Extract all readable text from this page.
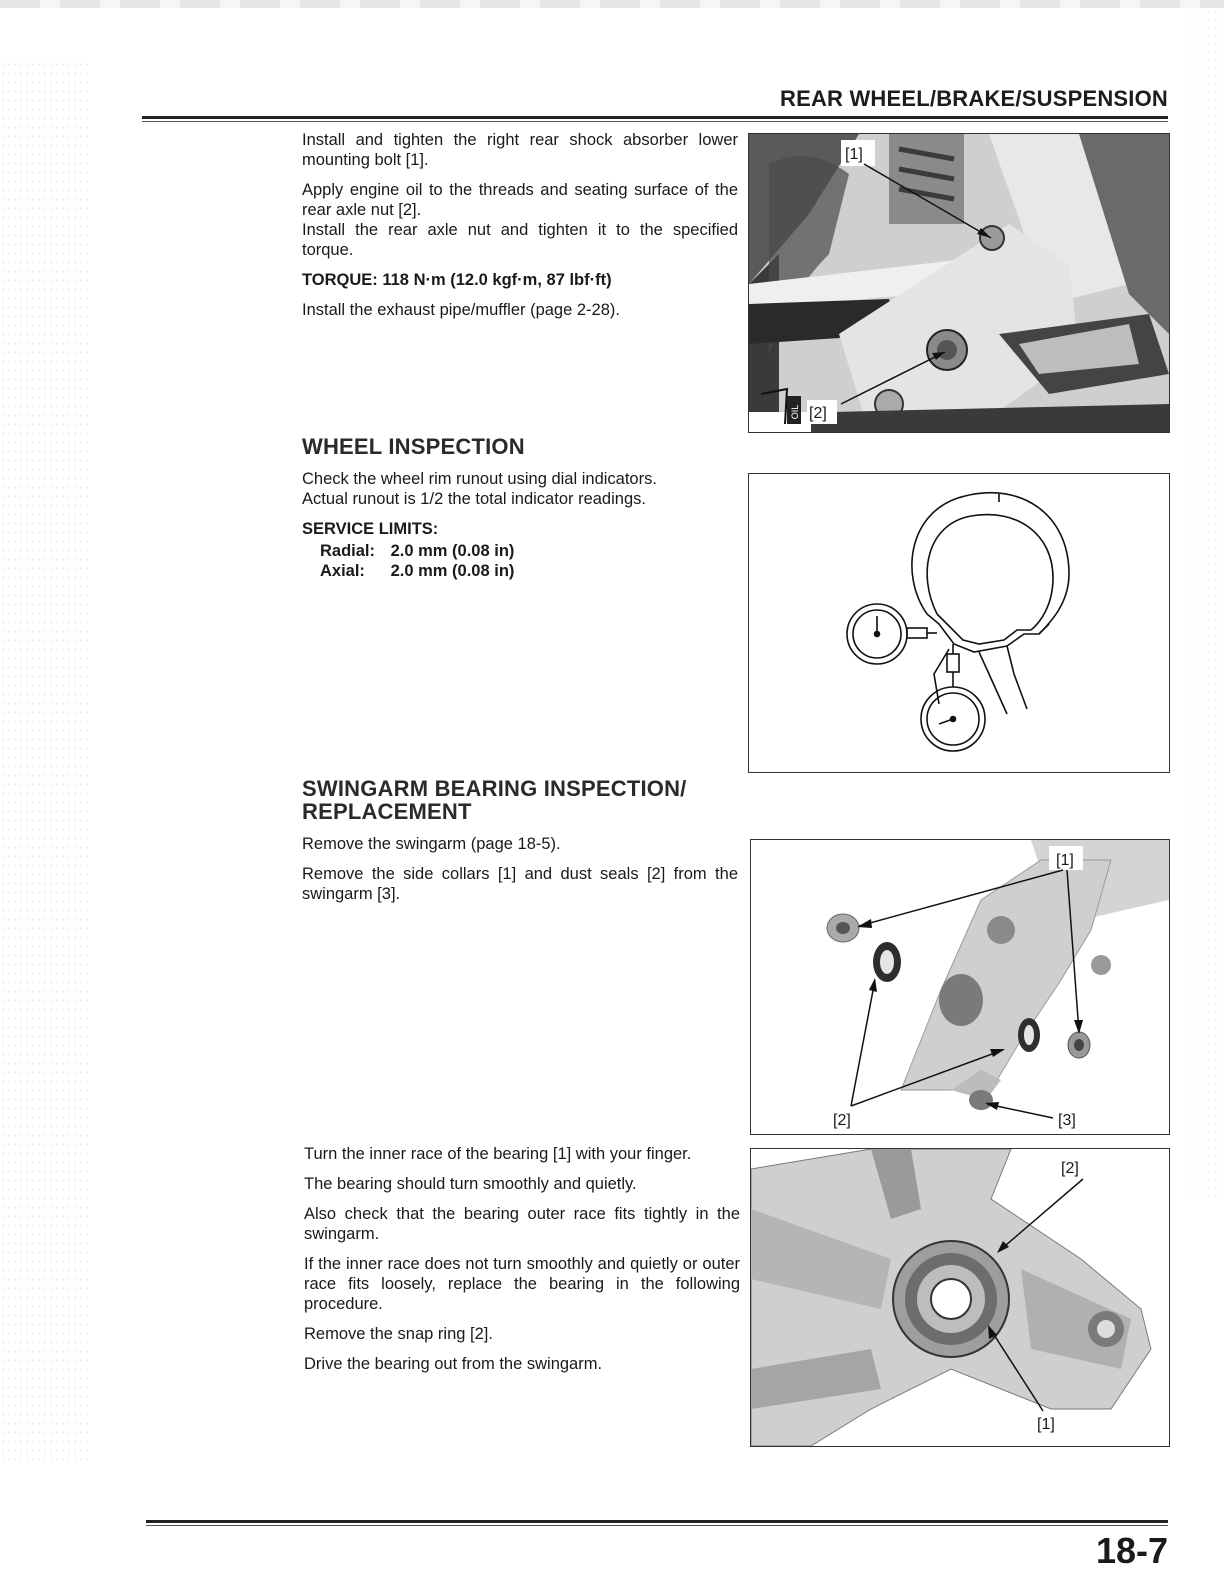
REAR WHEEL/BRAKE/SUSPENSION

Install and tighten the right rear shock absorber lower mounting bolt [1].

Apply engine oil to the threads and seating surface of the rear axle nut [2].

Install the rear axle nut and tighten it to the specified torque.

TORQUE: 118 N·m (12.0 kgf·m, 87 lbf·ft)

Install the exhaust pipe/muffler (page 2-28).

OIL
[1]
[2]
WHEEL INSPECTION

Check the wheel rim runout using dial indicators.

Actual runout is 1/2 the total indicator readings.

SERVICE LIMITS:
Radial: 2.0 mm (0.08 in)
Axial: 2.0 mm (0.08 in)
SWINGARM BEARING INSPECTION/
REPLACEMENT

Remove the swingarm (page 18-5).

Remove the side collars [1] and dust seals [2] from the swingarm [3].

[1]
[2]	[3]

Turn the inner race of the bearing [1] with your finger.

The bearing should turn smoothly and quietly.

Also check that the bearing outer race fits tightly in the swingarm.

If the inner race does not turn smoothly and quietly or outer race fits loosely, replace the bearing in the following procedure.

Remove the snap ring [2].

Drive the bearing out from the swingarm.

[2]
[1]
18-7
